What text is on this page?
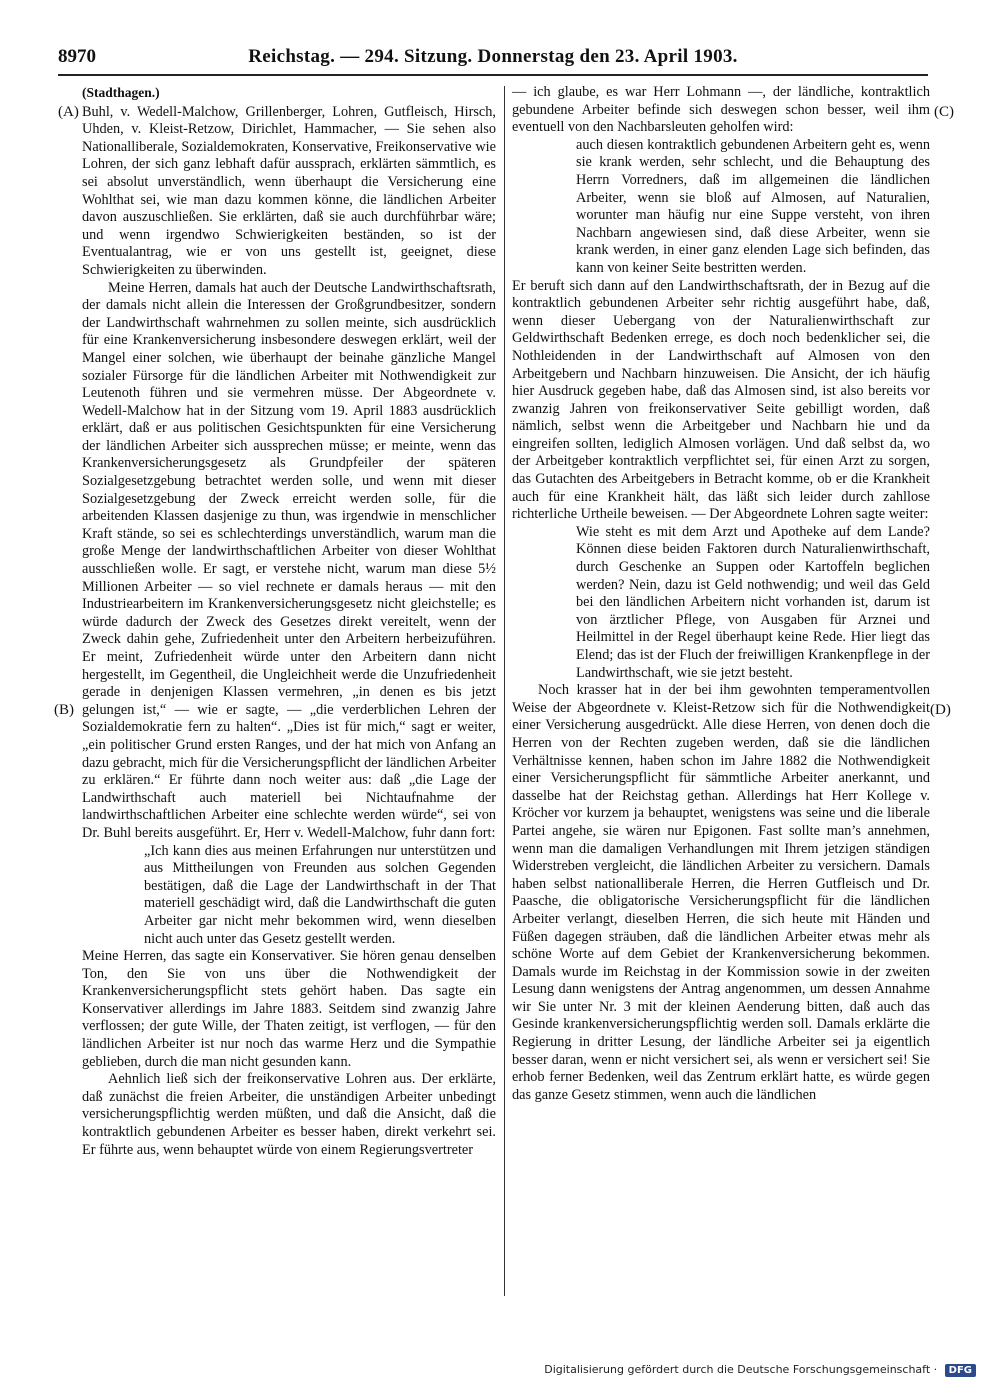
8970	Reichstag. — 294. Sitzung. Donnerstag den 23. April 1903.
(A)
(B)
(C)
(D)
(Stadthagen.)

Buhl, v. Wedell-Malchow, Grillenberger, Lohren, Gutfleisch, Hirsch, Uhden, v. Kleist-Retzow, Dirichlet, Hammacher, — Sie sehen also Nationalliberale, Sozialdemokraten, Konservative, Freikonservative wie Lohren, der sich ganz lebhaft dafür aussprach, erklärten sämmtlich, es sei absolut unverständlich, wenn überhaupt die Versicherung eine Wohlthat sei, wie man dazu kommen könne, die ländlichen Arbeiter davon auszuschließen. Sie erklärten, daß sie auch durchführbar wäre; und wenn irgendwo Schwierigkeiten beständen, so ist der Eventualantrag, wie er von uns gestellt ist, geeignet, diese Schwierigkeiten zu überwinden.

Meine Herren, damals hat auch der Deutsche Landwirthschaftsrath, der damals nicht allein die Interessen der Großgrundbesitzer, sondern der Landwirthschaft wahrnehmen zu sollen meinte, sich ausdrücklich für eine Krankenversicherung insbesondere deswegen erklärt, weil der Mangel einer solchen, wie überhaupt der beinahe gänzliche Mangel sozialer Fürsorge für die ländlichen Arbeiter mit Nothwendigkeit zur Leutenoth führen und sie vermehren müsse. Der Abgeordnete v. Wedell-Malchow hat in der Sitzung vom 19. April 1883 ausdrücklich erklärt, daß er aus politischen Gesichtspunkten für eine Versicherung der ländlichen Arbeiter sich aussprechen müsse; er meinte, wenn das Krankenversicherungsgesetz als Grundpfeiler der späteren Sozialgesetzgebung betrachtet werden solle, und wenn mit dieser Sozialgesetzgebung der Zweck erreicht werden solle, für die arbeitenden Klassen dasjenige zu thun, was irgendwie in menschlicher Kraft stände, so sei es schlechterdings unverständlich, warum man die große Menge der landwirthschaftlichen Arbeiter von dieser Wohlthat ausschließen wolle. Er sagt, er verstehe nicht, warum man diese 5½ Millionen Arbeiter — so viel rechnete er damals heraus — mit den Industriearbeitern im Krankenversicherungsgesetz nicht gleichstelle; es würde dadurch der Zweck des Gesetzes direkt vereitelt, wenn der Zweck dahin gehe, Zufriedenheit unter den Arbeitern herbeizuführen. Er meint, Zufriedenheit würde unter den Arbeitern dann nicht hergestellt, im Gegentheil, die Ungleichheit werde die Unzufriedenheit gerade in denjenigen Klassen vermehren, „in denen es bis jetzt gelungen ist,“ — wie er sagte, — „die verderblichen Lehren der Sozialdemokratie fern zu halten“. „Dies ist für mich,“ sagt er weiter, „ein politischer Grund ersten Ranges, und der hat mich von Anfang an dazu gebracht, mich für die Versicherungspflicht der ländlichen Arbeiter zu erklären.“ Er führte dann noch weiter aus: daß „die Lage der Landwirthschaft auch materiell bei Nichtaufnahme der landwirthschaftlichen Arbeiter eine schlechte werden würde“, sei von Dr. Buhl bereits ausgeführt. Er, Herr v. Wedell-Malchow, fuhr dann fort:

„Ich kann dies aus meinen Erfahrungen nur unterstützen und aus Mittheilungen von Freunden aus solchen Gegenden bestätigen, daß die Lage der Landwirthschaft in der That materiell geschädigt wird, daß die Landwirthschaft die guten Arbeiter gar nicht mehr bekommen wird, wenn dieselben nicht auch unter das Gesetz gestellt werden.

Meine Herren, das sagte ein Konservativer. Sie hören genau denselben Ton, den Sie von uns über die Nothwendigkeit der Krankenversicherungspflicht stets gehört haben. Das sagte ein Konservativer allerdings im Jahre 1883. Seitdem sind zwanzig Jahre verflossen; der gute Wille, der Thaten zeitigt, ist verflogen, — für den ländlichen Arbeiter ist nur noch das warme Herz und die Sympathie geblieben, durch die man nicht gesunden kann.

Aehnlich ließ sich der freikonservative Lohren aus. Der erklärte, daß zunächst die freien Arbeiter, die unständigen Arbeiter unbedingt versicherungspflichtig werden müßten, und daß die Ansicht, daß die kontraktlich gebundenen Arbeiter es besser haben, direkt verkehrt sei. Er führte aus, wenn behauptet würde von einem Regierungsvertreter

— ich glaube, es war Herr Lohmann —, der ländliche, kontraktlich gebundene Arbeiter befinde sich deswegen schon besser, weil ihm eventuell von den Nachbarsleuten geholfen wird:

auch diesen kontraktlich gebundenen Arbeitern geht es, wenn sie krank werden, sehr schlecht, und die Behauptung des Herrn Vorredners, daß im allgemeinen die ländlichen Arbeiter, wenn sie bloß auf Almosen, auf Naturalien, worunter man häufig nur eine Suppe versteht, von ihren Nachbarn angewiesen sind, daß diese Arbeiter, wenn sie krank werden, in einer ganz elenden Lage sich befinden, das kann von keiner Seite bestritten werden.

Er beruft sich dann auf den Landwirthschaftsrath, der in Bezug auf die kontraktlich gebundenen Arbeiter sehr richtig ausgeführt habe, daß, wenn dieser Uebergang von der Naturalienwirthschaft zur Geldwirthschaft Bedenken errege, es doch noch bedenklicher sei, die Nothleidenden in der Landwirthschaft auf Almosen von den Arbeitgebern und Nachbarn hinzuweisen. Die Ansicht, der ich häufig hier Ausdruck gegeben habe, daß das Almosen sind, ist also bereits vor zwanzig Jahren von freikonservativer Seite gebilligt worden, daß nämlich, selbst wenn die Arbeitgeber und Nachbarn hie und da eingreifen sollten, lediglich Almosen vorlägen. Und daß selbst da, wo der Arbeitgeber kontraktlich verpflichtet sei, für einen Arzt zu sorgen, das Gutachten des Arbeitgebers in Betracht komme, ob er die Krankheit auch für eine Krankheit hält, das läßt sich leider durch zahllose richterliche Urtheile beweisen. — Der Abgeordnete Lohren sagte weiter:

Wie steht es mit dem Arzt und Apotheke auf dem Lande? Können diese beiden Faktoren durch Naturalienwirthschaft, durch Geschenke an Suppen oder Kartoffeln beglichen werden? Nein, dazu ist Geld nothwendig; und weil das Geld bei den ländlichen Arbeitern nicht vorhanden ist, darum ist von ärztlicher Pflege, von Ausgaben für Arznei und Heilmittel in der Regel überhaupt keine Rede. Hier liegt das Elend; das ist der Fluch der freiwilligen Krankenpflege in der Landwirthschaft, wie sie jetzt besteht.

Noch krasser hat in der bei ihm gewohnten temperamentvollen Weise der Abgeordnete v. Kleist-Retzow sich für die Nothwendigkeit einer Versicherung ausgedrückt. Alle diese Herren, von denen doch die Herren von der Rechten zugeben werden, daß sie die ländlichen Verhältnisse kennen, haben schon im Jahre 1882 die Nothwendigkeit einer Versicherungspflicht für sämmtliche Arbeiter anerkannt, und dasselbe hat der Reichstag gethan. Allerdings hat Herr Kollege v. Kröcher vor kurzem ja behauptet, wenigstens was seine und die liberale Partei angehe, sie wären nur Epigonen. Fast sollte man’s annehmen, wenn man die damaligen Verhandlungen mit Ihrem jetzigen ständigen Widerstreben vergleicht, die ländlichen Arbeiter zu versichern. Damals haben selbst nationalliberale Herren, die Herren Gutfleisch und Dr. Paasche, die obligatorische Versicherungspflicht für die ländlichen Arbeiter verlangt, dieselben Herren, die sich heute mit Händen und Füßen dagegen sträuben, daß die ländlichen Arbeiter etwas mehr als schöne Worte auf dem Gebiet der Krankenversicherung bekommen. Damals wurde im Reichstag in der Kommission sowie in der zweiten Lesung dann wenigstens der Antrag angenommen, um dessen Annahme wir Sie unter Nr. 3 mit der kleinen Aenderung bitten, daß auch das Gesinde krankenversicherungspflichtig werden soll. Damals erklärte die Regierung in dritter Lesung, der ländliche Arbeiter sei ja eigentlich besser daran, wenn er nicht versichert sei, als wenn er versichert sei! Sie erhob ferner Bedenken, weil das Zentrum erklärt hatte, es würde gegen das ganze Gesetz stimmen, wenn auch die ländlichen

Digitalisierung gefördert durch die Deutsche Forschungsgemeinschaft · DFG
